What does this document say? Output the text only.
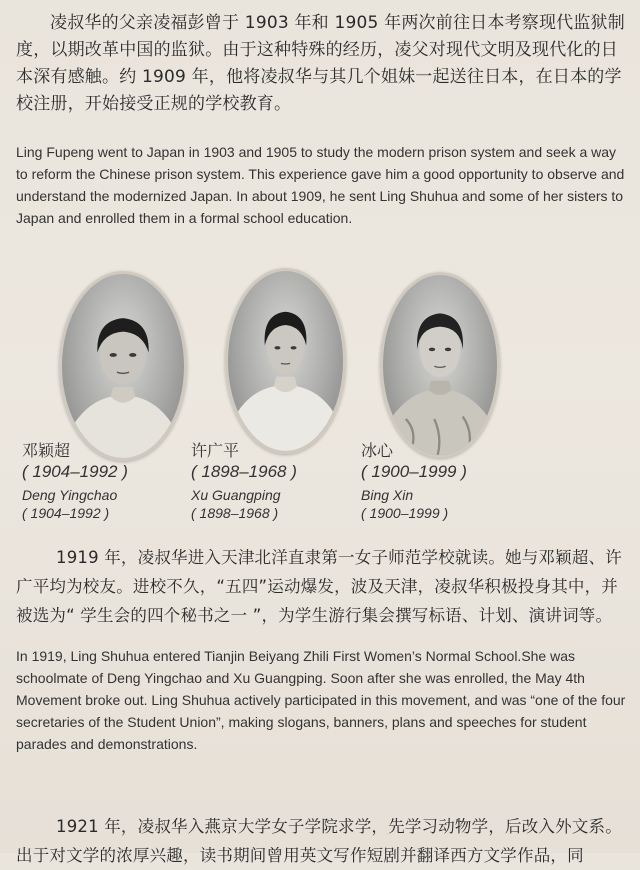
凌叔华的父亲凌福彭曾于 1903 年和 1905 年两次前往日本考察现代监狱制度，以期改革中国的监狱。由于这种特殊的经历，凌父对现代文明及现代化的日本深有感触。约 1909 年，他将凌叔华与其几个姐妹一起送往日本，在日本的学校注册，开始接受正规的学校教育。
Ling Fupeng went to Japan in 1903 and 1905 to study the modern prison system and seek a way to reform the Chinese prison system. This experience gave him a good opportunity to observe and understand the modernized Japan. In about 1909, he sent Ling Shuhua and some of her sisters to Japan and enrolled them in a formal school education.
邓颖超
( 1904–1992 )
Deng Yingchao
( 1904–1992 )
许广平
( 1898–1968 )
Xu Guangping
( 1898–1968 )
冰心
( 1900–1999 )
Bing Xin
( 1900–1999 )
1919 年，凌叔华进入天津北洋直隶第一女子师范学校就读。她与邓颖超、许广平均为校友。进校不久，“五四”运动爆发，波及天津，凌叔华积极投身其中，并被选为“ 学生会的四个秘书之一 ”，为学生游行集会撰写标语、计划、演讲词等。
In 1919, Ling Shuhua entered Tianjin Beiyang Zhili First Women’s Normal School.She was schoolmate of Deng Yingchao and Xu Guangping. Soon after she was enrolled, the May 4th Movement broke out. Ling Shuhua actively participated in this movement, and was “one of the four secretaries of the Student Union”, making slogans, banners, plans and speeches for student parades and demonstrations.
1921 年，凌叔华入燕京大学女子学院求学，先学习动物学，后改入外文系。出于对文学的浓厚兴趣，读书期间曾用英文写作短剧并翻译西方文学作品，同
